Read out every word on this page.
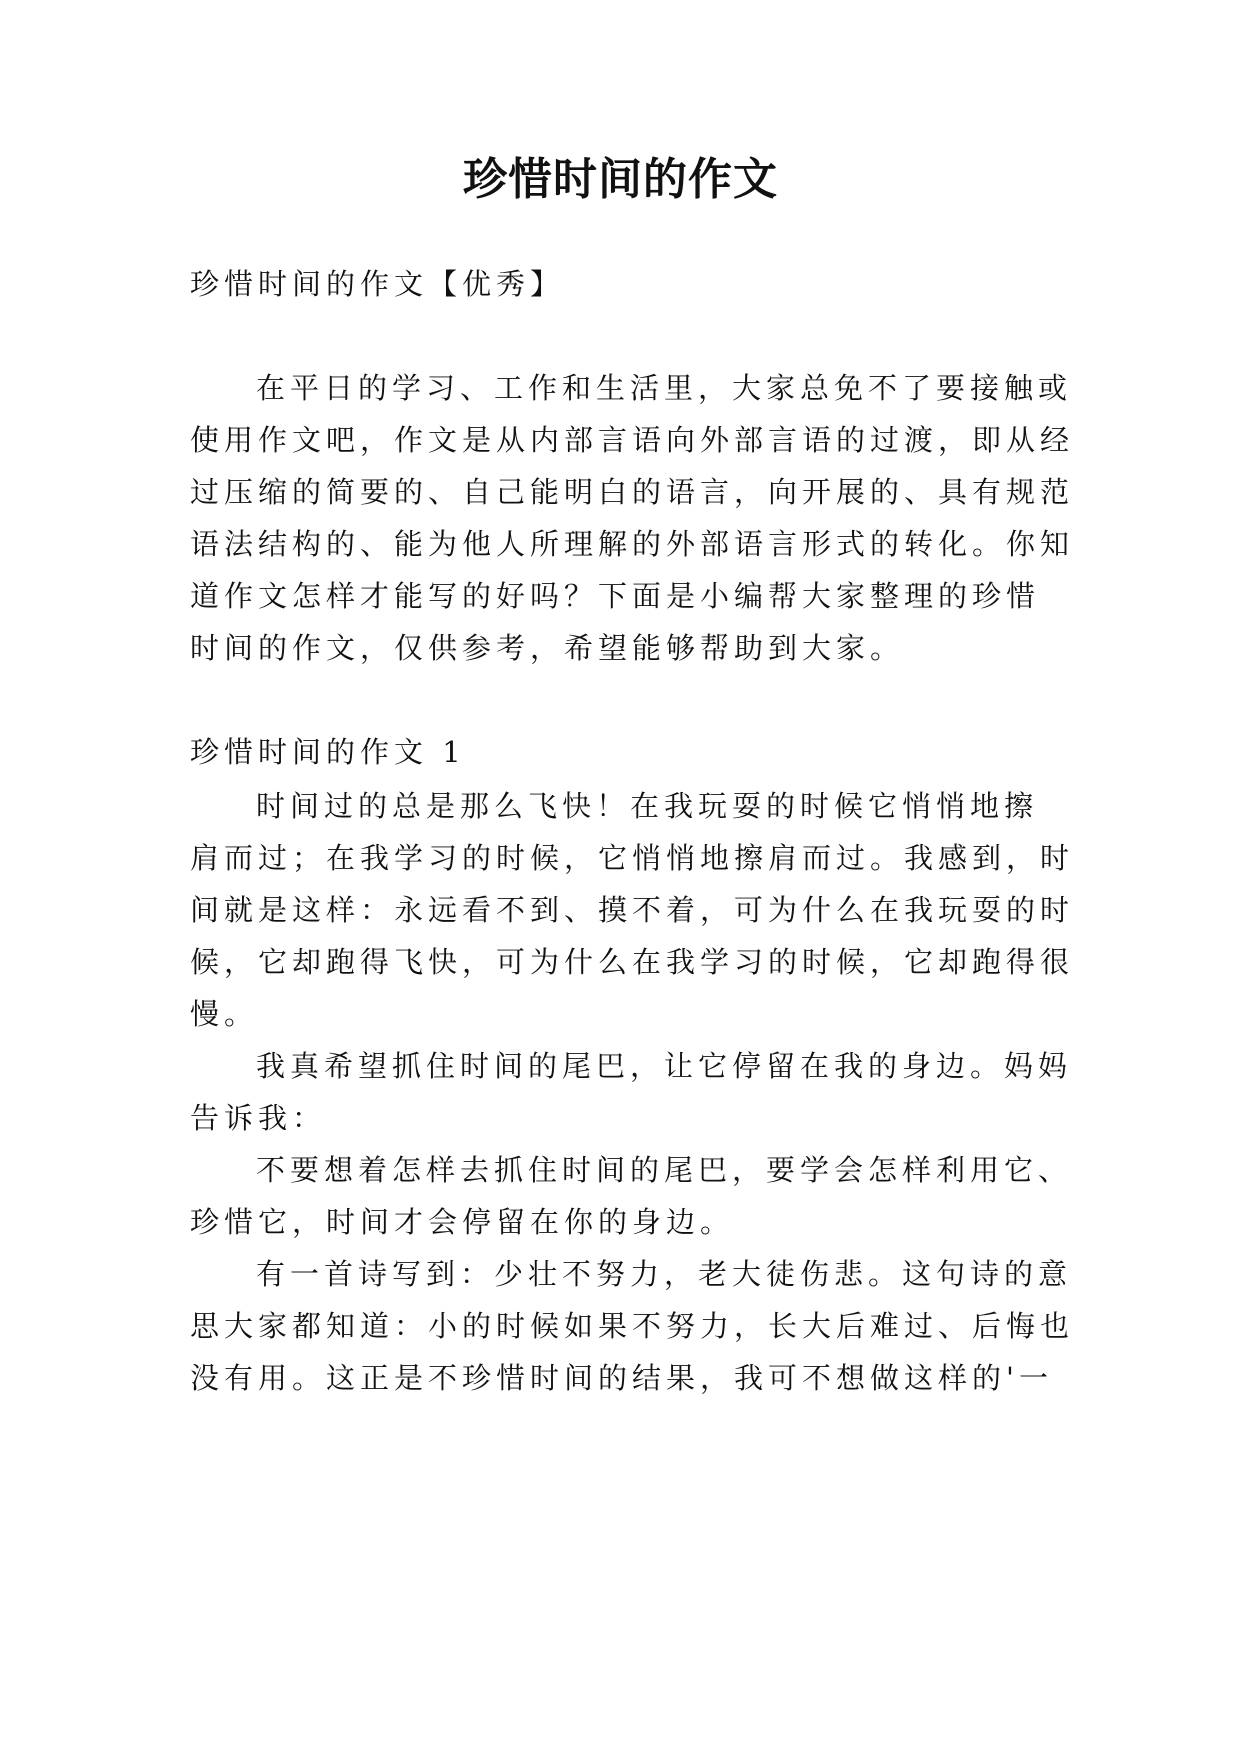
珍惜时间的作文
珍惜时间的作文【优秀】
在平日的学习、工作和生活里，大家总免不了要接触或
使用作文吧，作文是从内部言语向外部言语的过渡，即从经
过压缩的简要的、自己能明白的语言，向开展的、具有规范
语法结构的、能为他人所理解的外部语言形式的转化。你知
道作文怎样才能写的好吗？下面是小编帮大家整理的珍惜
时间的作文，仅供参考，希望能够帮助到大家。
珍惜时间的作文 1
时间过的总是那么飞快！在我玩耍的时候它悄悄地擦
肩而过；在我学习的时候，它悄悄地擦肩而过。我感到，时
间就是这样：永远看不到、摸不着，可为什么在我玩耍的时
候，它却跑得飞快，可为什么在我学习的时候，它却跑得很
慢。
我真希望抓住时间的尾巴，让它停留在我的身边。妈妈
告诉我：
不要想着怎样去抓住时间的尾巴，要学会怎样利用它、
珍惜它，时间才会停留在你的身边。
有一首诗写到：少壮不努力，老大徒伤悲。这句诗的意
思大家都知道：小的时候如果不努力，长大后难过、后悔也
没有用。这正是不珍惜时间的结果，我可不想做这样的'一
